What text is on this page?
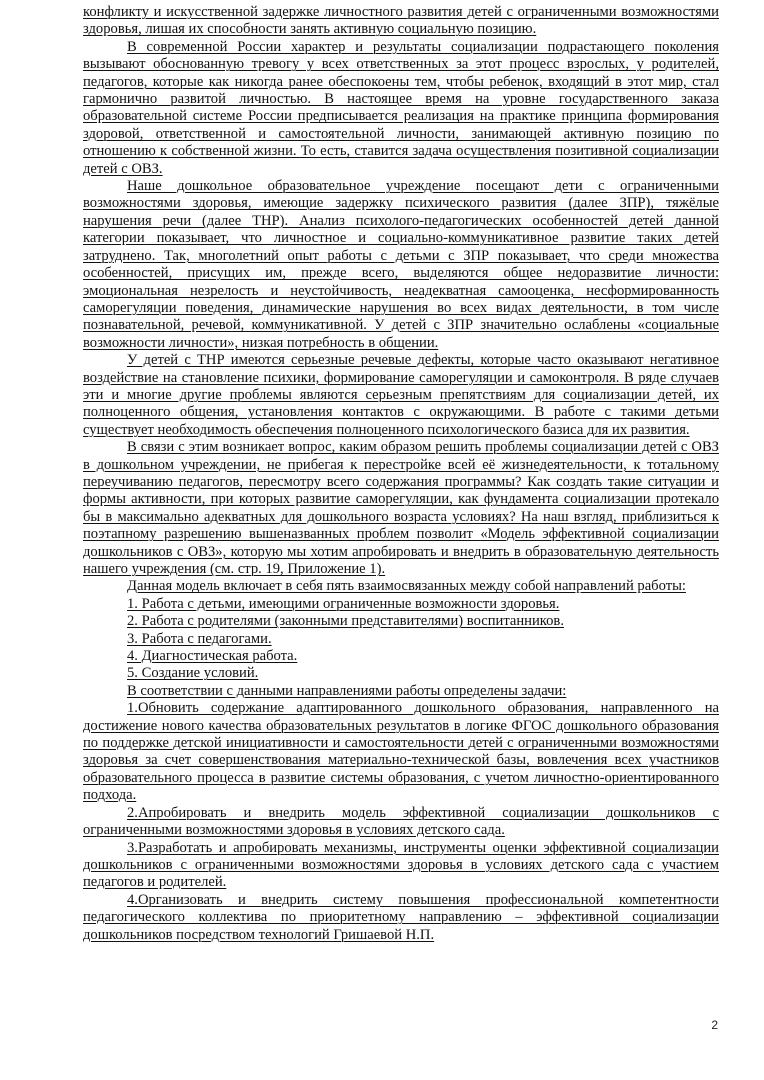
конфликту и искусственной задержке личностного развития детей с ограниченными возможностями здоровья, лишая их способности занять активную социальную позицию.

В современной России характер и результаты социализации подрастающего поколения вызывают обоснованную тревогу у всех ответственных за этот процесс взрослых, у родителей, педагогов, которые как никогда ранее обеспокоены тем, чтобы ребенок, входящий в этот мир, стал гармонично развитой личностью. В настоящее время на уровне государственного заказа образовательной системе России предписывается реализация на практике принципа формирования здоровой, ответственной и самостоятельной личности, занимающей активную позицию по отношению к собственной жизни. То есть, ставится задача осуществления позитивной социализации детей с ОВЗ.

Наше дошкольное образовательное учреждение посещают дети с ограниченными возможностями здоровья, имеющие задержку психического развития (далее ЗПР), тяжёлые нарушения речи (далее ТНР). Анализ психолого-педагогических особенностей детей данной категории показывает, что личностное и социально-коммуникативное развитие таких детей затруднено. Так, многолетний опыт работы с детьми с ЗПР показывает, что среди множества особенностей, присущих им, прежде всего, выделяются общее недоразвитие личности: эмоциональная незрелость и неустойчивость, неадекватная самооценка, несформированность саморегуляции поведения, динамические нарушения во всех видах деятельности, в том числе познавательной, речевой, коммуникативной. У детей с ЗПР значительно ослаблены «социальные возможности личности», низкая потребность в общении.

У детей с ТНР имеются серьезные речевые дефекты, которые часто оказывают негативное воздействие на становление психики, формирование саморегуляции и самоконтроля. В ряде случаев эти и многие другие проблемы являются серьезным препятствиям для социализации детей, их полноценного общения, установления контактов с окружающими. В работе с такими детьми существует необходимость обеспечения полноценного психологического базиса для их развития.

В связи с этим возникает вопрос, каким образом решить проблемы социализации детей с ОВЗ в дошкольном учреждении, не прибегая к перестройке всей её жизнедеятельности, к тотальному переучиванию педагогов, пересмотру всего содержания программы? Как создать такие ситуации и формы активности, при которых развитие саморегуляции, как фундамента социализации протекало бы в максимально адекватных для дошкольного возраста условиях? На наш взгляд, приблизиться к поэтапному разрешению вышеназванных проблем позволит «Модель эффективной социализации дошкольников с ОВЗ», которую мы хотим апробировать и внедрить в образовательную деятельность нашего учреждения (см. стр. 19, Приложение 1).

Данная модель включает в себя пять взаимосвязанных между собой направлений работы:

1. Работа с детьми, имеющими ограниченные возможности здоровья.

2. Работа с родителями (законными представителями) воспитанников.

3. Работа с педагогами.

4. Диагностическая работа.

5. Создание условий.

В соответствии с данными направлениями работы определены задачи:

1.Обновить содержание адаптированного дошкольного образования, направленного на достижение нового качества образовательных результатов в логике ФГОС дошкольного образования по поддержке детской инициативности и самостоятельности детей с ограниченными возможностями здоровья за счет совершенствования материально-технической базы, вовлечения всех участников образовательного процесса в развитие системы образования, с учетом личностно-ориентированного подхода.

2.Апробировать и внедрить модель эффективной социализации дошкольников с ограниченными возможностями здоровья в условиях детского сада.

3.Разработать и апробировать механизмы, инструменты оценки эффективной социализации дошкольников с ограниченными возможностями здоровья в условиях детского сада с участием педагогов и родителей.

4.Организовать и внедрить систему повышения профессиональной компетентности педагогического коллектива по приоритетному направлению – эффективной социализации дошкольников посредством технологий Гришаевой Н.П.

2
